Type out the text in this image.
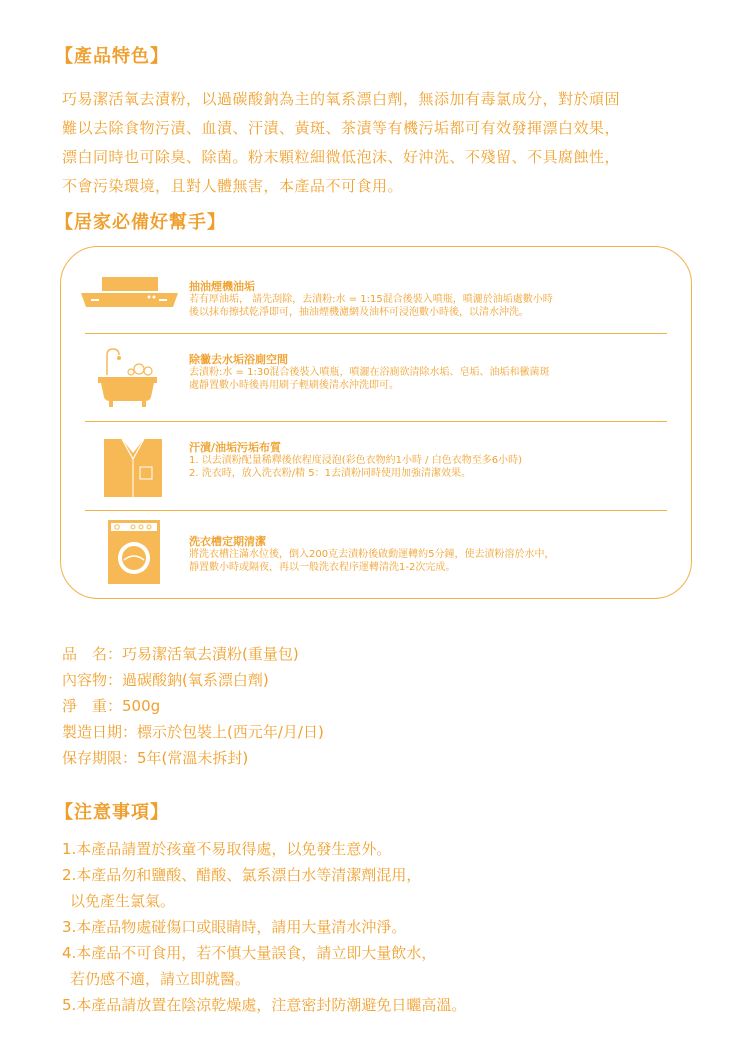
【產品特色】
巧易潔活氧去漬粉，以過碳酸鈉為主的氧系漂白劑，無添加有毒氯成分，對於頑固
難以去除食物污漬、血漬、汗漬、黃斑、茶漬等有機污垢都可有效發揮漂白效果，
漂白同時也可除臭、除菌。粉末顆粒細微低泡沫、好沖洗、不殘留、不具腐蝕性，
不會污染環境，且對人體無害，本產品不可食用。
【居家必備好幫手】
抽油煙機油垢
若有厚油垢， 請先刮除，去漬粉:水 = 1:15混合後裝入噴瓶，噴灑於油垢處數小時
後以抹布擦拭乾淨即可，抽油煙機濾網及油杯可浸泡數小時後，以清水沖洗。
除黴去水垢浴廁空間
去漬粉:水 = 1:30混合後裝入噴瓶，噴灑在浴廁欲清除水垢、皂垢、油垢和黴菌斑
處靜置數小時後再用刷子輕刷後清水沖洗即可。
汗漬/油垢污垢布質
1. 以去漬粉配量稀釋後依程度浸泡(彩色衣物約1小時 / 白色衣物至多6小時)
2. 洗衣時，放入洗衣粉/精 5：1去漬粉同時使用加強清潔效果。
洗衣槽定期清潔
將洗衣槽注滿水位後，倒入200克去漬粉後啟動運轉約5分鐘，使去漬粉溶於水中，
靜置數小時或隔夜，再以一般洗衣程序運轉清洗1-2次完成。
品　名：巧易潔活氧去漬粉(重量包)
內容物：過碳酸鈉(氧系漂白劑)
淨　重：500g
製造日期：標示於包裝上(西元年/月/日)
保存期限：5年(常溫未拆封)
【注意事項】
1.本產品請置於孩童不易取得處，以免發生意外。
2.本產品勿和鹽酸、醋酸、氯系漂白水等清潔劑混用，
以免產生氯氣。
3.本產品物處碰傷口或眼睛時，請用大量清水沖淨。
4.本產品不可食用，若不慎大量誤食，請立即大量飲水，
若仍感不適，請立即就醫。
5.本產品請放置在陰涼乾燥處，注意密封防潮避免日曬高溫。
